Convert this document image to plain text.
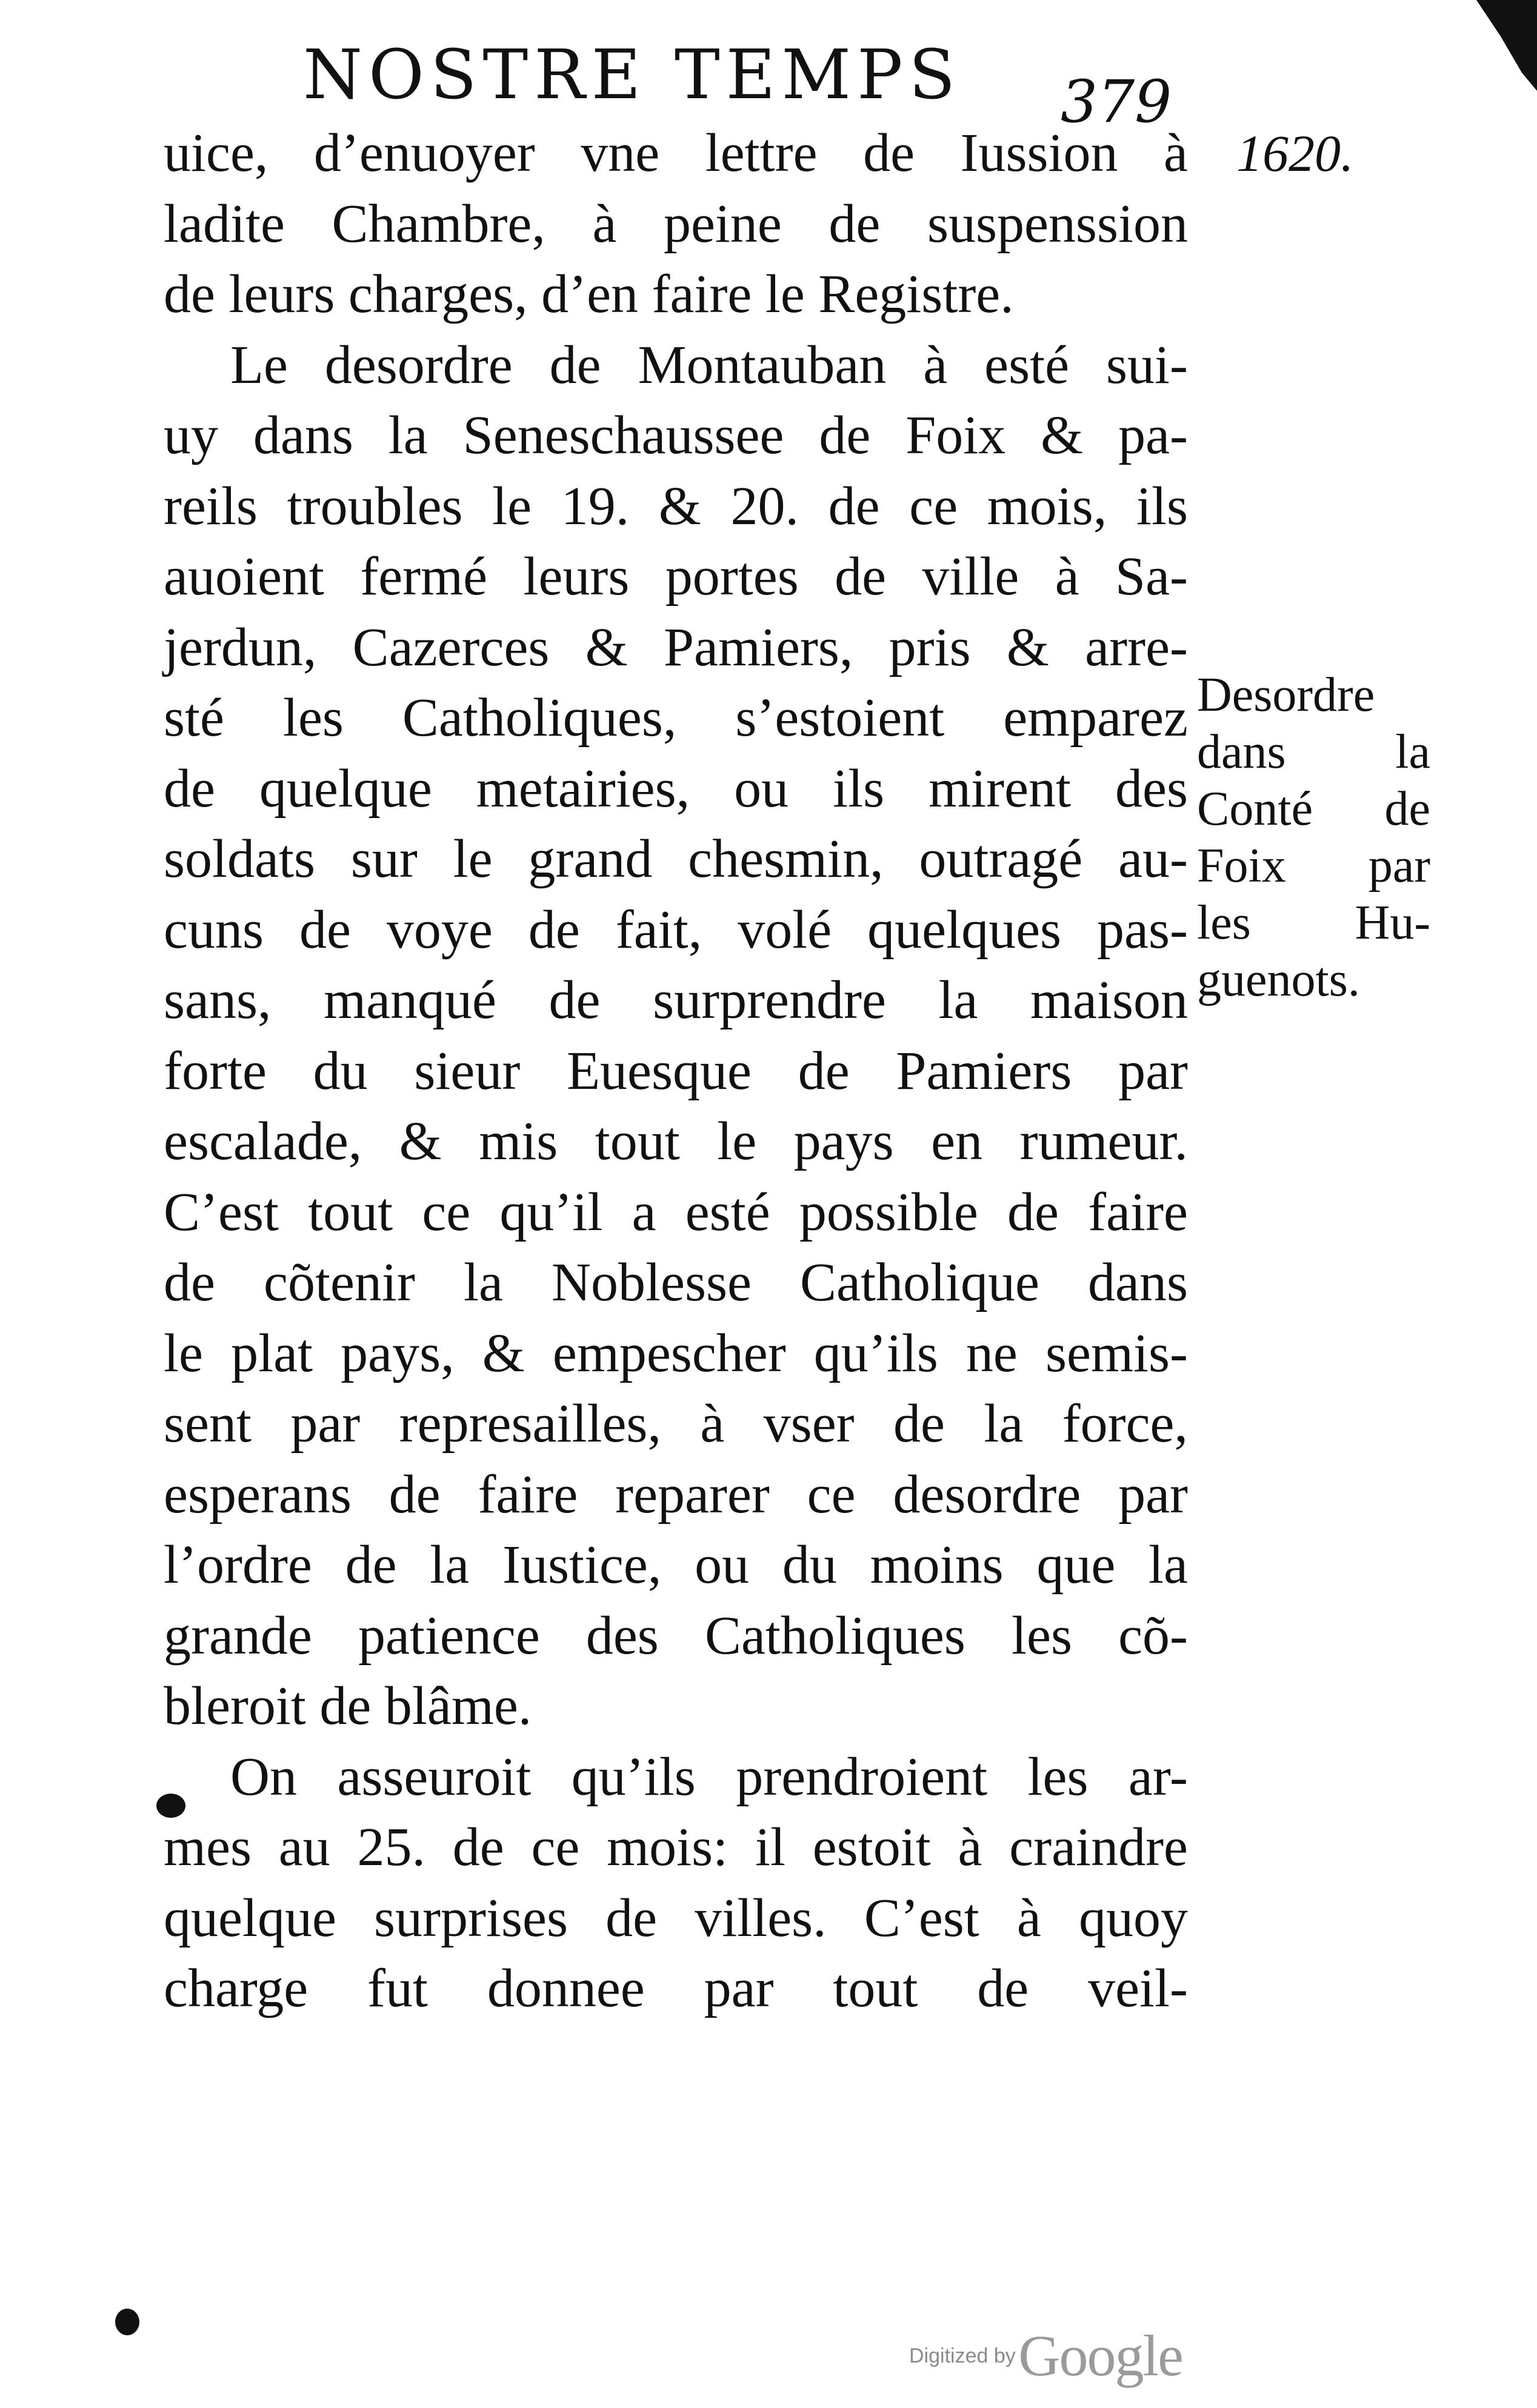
NOSTRE TEMPS 379
1620.
uice, d’enuoyer vne lettre de Iussion à
ladite Chambre, à peine de suspenssion
de leurs charges, d’en faire le Registre.
Le desordre de Montauban à esté sui-
uy dans la Seneschaussee de Foix & pa-
reils troubles le 19. & 20. de ce mois, ils
auoient fermé leurs portes de ville à Sa-
jerdun, Cazerces & Pamiers, pris & arre-
sté les Catholiques, s’estoient emparez
de quelque metairies, ou ils mirent des
soldats sur le grand chesmin, outragé au-
cuns de voye de fait, volé quelques pas-
sans, manqué de surprendre la maison
forte du sieur Euesque de Pamiers par
escalade, & mis tout le pays en rumeur.
C’est tout ce qu’il a esté possible de faire
de cõtenir la Noblesse Catholique dans
le plat pays, & empescher qu’ils ne semis-
sent par represailles, à vser de la force,
esperans de faire reparer ce desordre par
l’ordre de la Iustice, ou du moins que la
grande patience des Catholiques les cõ-
bleroit de blâme.
On asseuroit qu’ils prendroient les ar-
mes au 25. de ce mois: il estoit à craindre
quelque surprises de villes. C’est à quoy
charge fut donnee par tout de veil-
Desordre
dans la
Conté de
Foix par
les Hu-
guenots.
Digitized by Google
